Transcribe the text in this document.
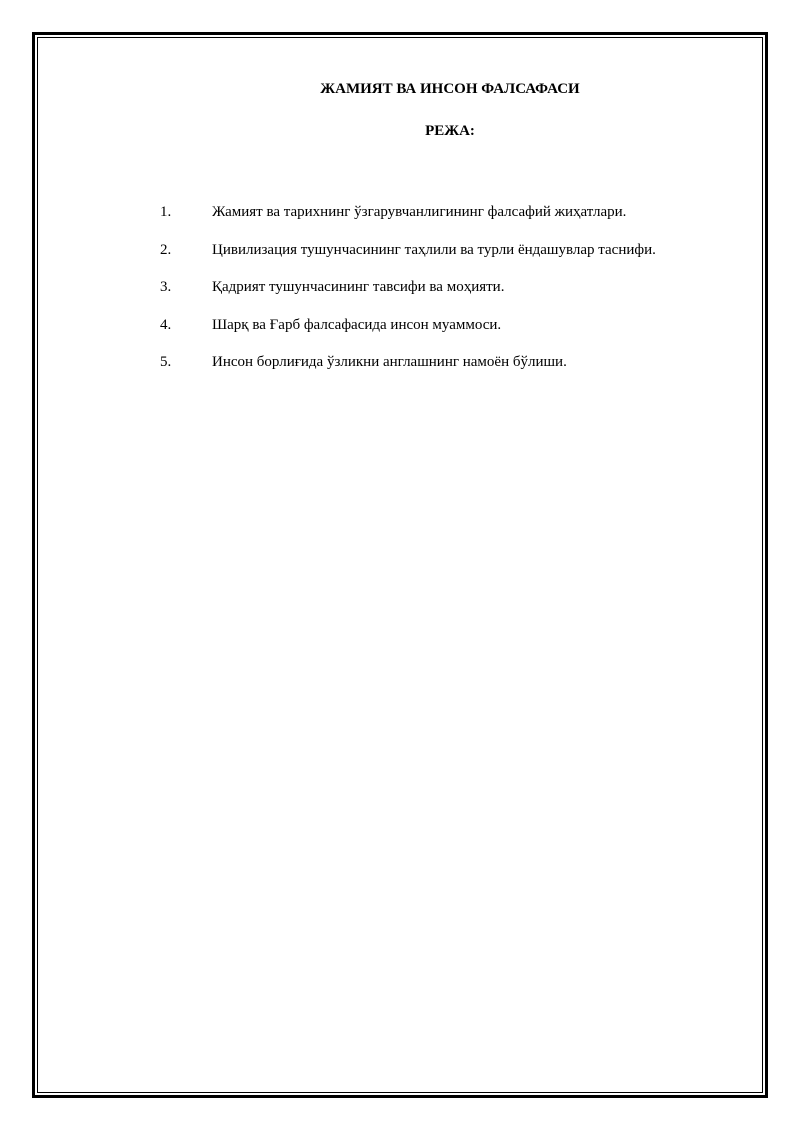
ЖАМИЯТ ВА ИНСОН ФАЛСАФАСИ
РЕЖА:
1.	Жамият ва тарихнинг ўзгарувчанлигининг фалсафий жиҳатлари.
2.	Цивилизация тушунчасининг таҳлили ва турли ёндашувлар таснифи.
3.	Қадрият тушунчасининг тавсифи ва моҳияти.
4.	Шарқ ва Ғарб фалсафасида инсон муаммоси.
5.	Инсон борлиғида ўзликни англашнинг намоён бўлиши.
